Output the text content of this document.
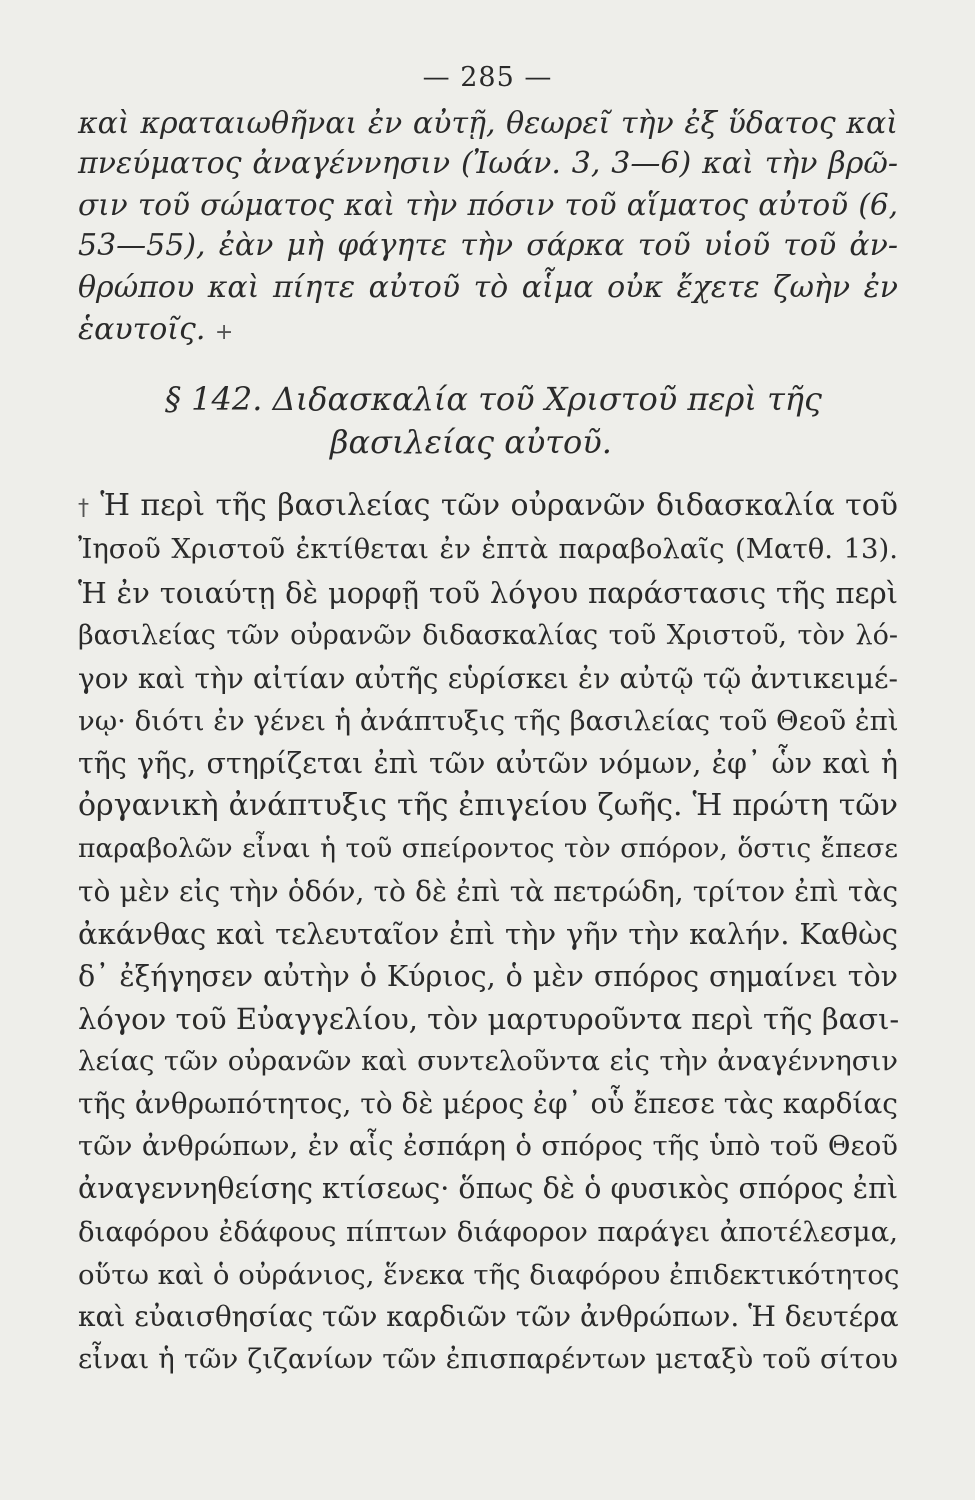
— 285 —
καὶ κραταιωθῆναι ἐν αὐτῇ, θεωρεῖ τὴν ἐξ ὕδατος καὶ
πνεύματος ἀναγέννησιν (Ἰωάν. 3, 3—6) καὶ τὴν βρῶ-
σιν τοῦ σώματος καὶ τὴν πόσιν τοῦ αἵματος αὐτοῦ (6,
53—55), ἐὰν μὴ φάγητε τὴν σάρκα τοῦ υἱοῦ τοῦ ἀν-
θρώπου καὶ πίητε αὐτοῦ τὸ αἷμα οὐκ ἔχετε ζωὴν ἐν
ἑαυτοῖς. +
§ 142. Διδασκαλία τοῦ Χριστοῦ περὶ τῆς
βασιλείας αὐτοῦ.
† Ἡ περὶ τῆς βασιλείας τῶν οὐρανῶν διδασκαλία τοῦ
Ἰησοῦ Χριστοῦ ἐκτίθεται ἐν ἑπτὰ παραβολαῖς (Ματθ. 13).
Ἡ ἐν τοιαύτῃ δὲ μορφῇ τοῦ λόγου παράστασις τῆς περὶ
βασιλείας τῶν οὐρανῶν διδασκαλίας τοῦ Χριστοῦ, τὸν λό-
γον καὶ τὴν αἰτίαν αὐτῆς εὑρίσκει ἐν αὐτῷ τῷ ἀντικειμέ-
νῳ· διότι ἐν γένει ἡ ἀνάπτυξις τῆς βασιλείας τοῦ Θεοῦ ἐπὶ
τῆς γῆς, στηρίζεται ἐπὶ τῶν αὐτῶν νόμων, ἐφ᾽ ὧν καὶ ἡ
ὀργανικὴ ἀνάπτυξις τῆς ἐπιγείου ζωῆς. Ἡ πρώτη τῶν
παραβολῶν εἶναι ἡ τοῦ σπείροντος τὸν σπόρον, ὅστις ἔπεσε
τὸ μὲν εἰς τὴν ὁδόν, τὸ δὲ ἐπὶ τὰ πετρώδη, τρίτον ἐπὶ τὰς
ἀκάνθας καὶ τελευταῖον ἐπὶ τὴν γῆν τὴν καλήν. Καθὼς
δ᾽ ἐξήγησεν αὐτὴν ὁ Κύριος, ὁ μὲν σπόρος σημαίνει τὸν
λόγον τοῦ Εὐαγγελίου, τὸν μαρτυροῦντα περὶ τῆς βασι-
λείας τῶν οὐρανῶν καὶ συντελοῦντα εἰς τὴν ἀναγέννησιν
τῆς ἀνθρωπότητος, τὸ δὲ μέρος ἐφ᾽ οὗ ἔπεσε τὰς καρδίας
τῶν ἀνθρώπων, ἐν αἷς ἐσπάρη ὁ σπόρος τῆς ὑπὸ τοῦ Θεοῦ
ἀναγεννηθείσης κτίσεως· ὅπως δὲ ὁ φυσικὸς σπόρος ἐπὶ
διαφόρου ἐδάφους πίπτων διάφορον παράγει ἀποτέλεσμα,
οὕτω καὶ ὁ οὐράνιος, ἕνεκα τῆς διαφόρου ἐπιδεκτικότητος
καὶ εὐαισθησίας τῶν καρδιῶν τῶν ἀνθρώπων. Ἡ δευτέρα
εἶναι ἡ τῶν ζιζανίων τῶν ἐπισπαρέντων μεταξὺ τοῦ σίτου
